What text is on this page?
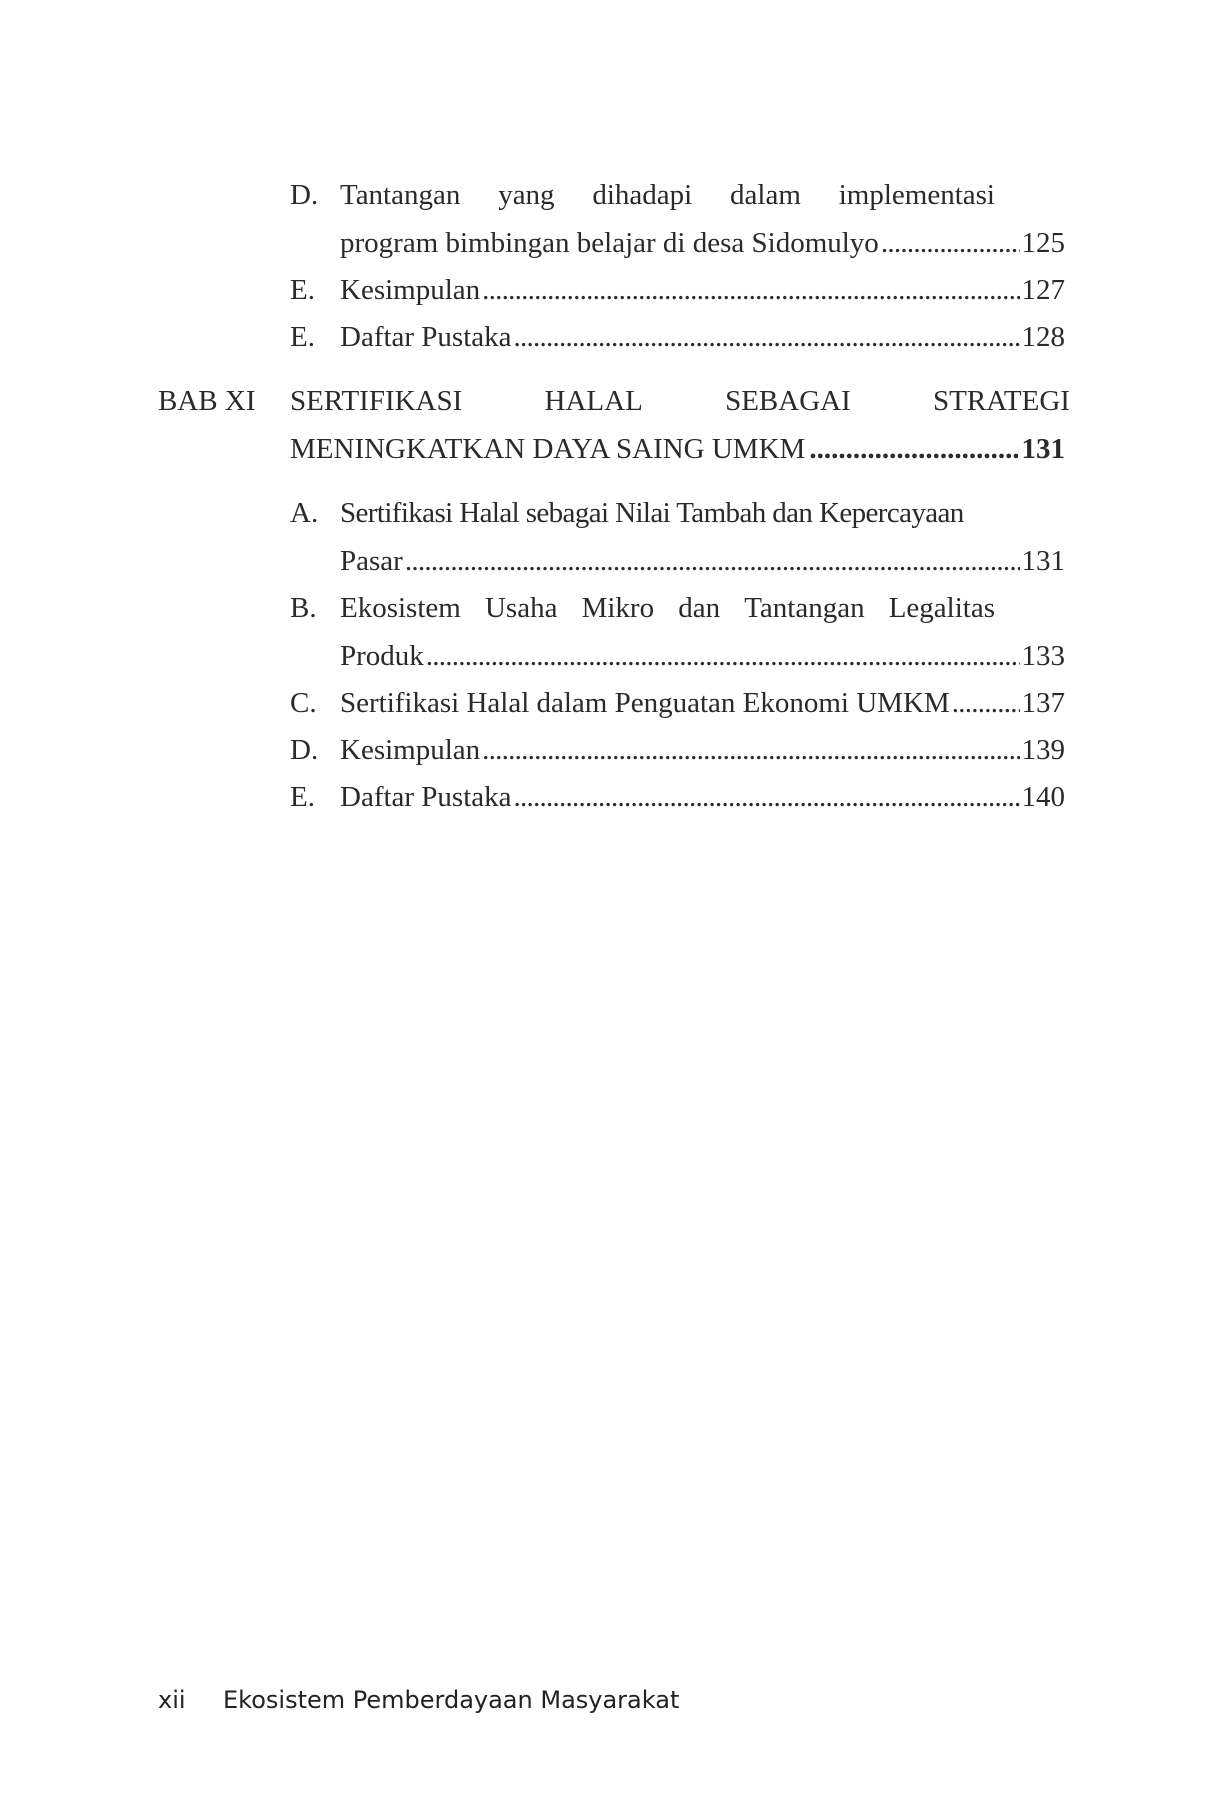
D. Tantangan yang dihadapi dalam implementasi
program bimbingan belajar di desa Sidomulyo . . .	125
E. Kesimpulan . . .	127
E. Daftar Pustaka . . .	128
BAB XI SERTIFIKASI	HALAL	SEBAGAI	STRATEGI
MENINGKATKAN DAYA SAING UMKM .....	131
A. Sertifikasi Halal sebagai Nilai Tambah dan Kepercayaan
Pasar . . .	131
B. Ekosistem Usaha Mikro dan Tantangan Legalitas
Produk . . .	133
C. Sertifikasi Halal dalam Penguatan Ekonomi UMKM . . . 137
D. Kesimpulan . . .	139
E. Daftar Pustaka . . .	140
xii Ekosistem Pemberdayaan Masyarakat
